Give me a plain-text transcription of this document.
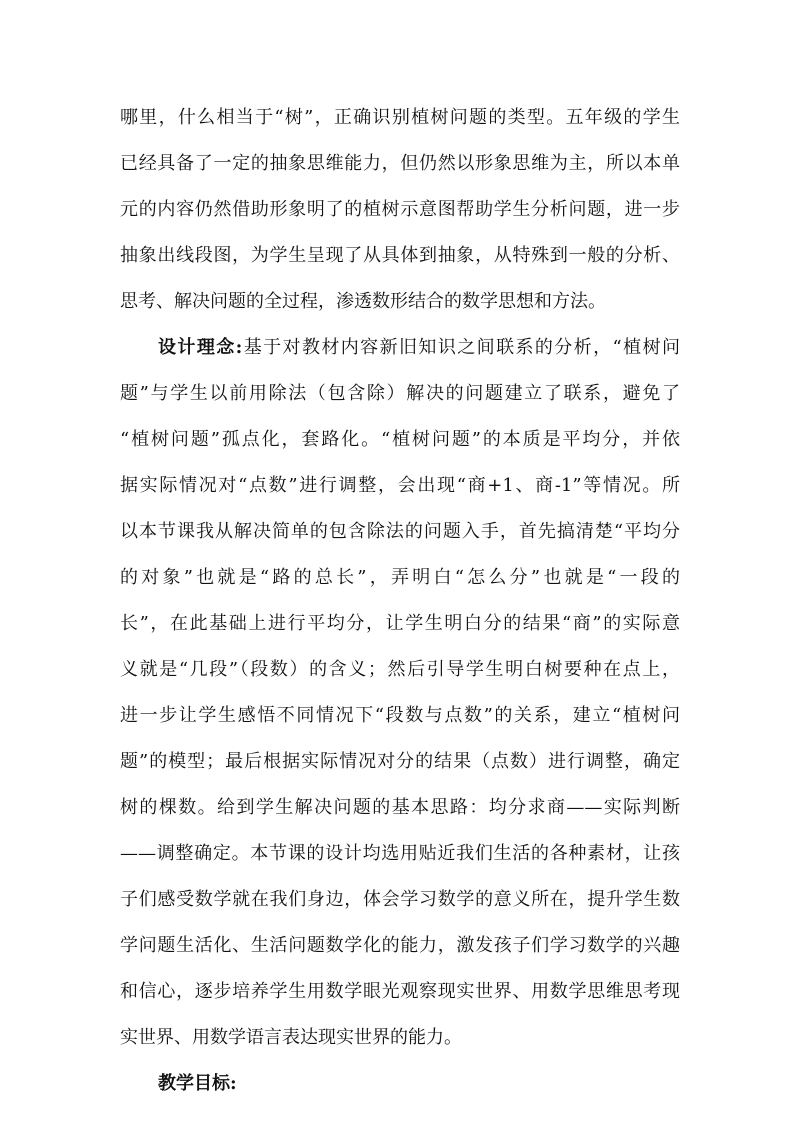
哪里，什么相当于“树”，正确识别植树问题的类型。五年级的学生
已经具备了一定的抽象思维能力，但仍然以形象思维为主，所以本单
元的内容仍然借助形象明了的植树示意图帮助学生分析问题，进一步
抽象出线段图，为学生呈现了从具体到抽象，从特殊到一般的分析、
思考、解决问题的全过程，渗透数形结合的数学思想和方法。
设计理念:基于对教材内容新旧知识之间联系的分析，“植树问
题”与学生以前用除法（包含除）解决的问题建立了联系，避免了
“植树问题”孤点化，套路化。“植树问题”的本质是平均分，并依
据实际情况对“点数”进行调整，会出现“商+1、商-1”等情况。所
以本节课我从解决简单的包含除法的问题入手，首先搞清楚“平均分
的对象”也就是“路的总长”，弄明白“怎么分”也就是“一段的
长”，在此基础上进行平均分，让学生明白分的结果“商”的实际意
义就是“几段”（段数）的含义；然后引导学生明白树要种在点上，
进一步让学生感悟不同情况下“段数与点数”的关系，建立“植树问
题”的模型；最后根据实际情况对分的结果（点数）进行调整，确定
树的棵数。给到学生解决问题的基本思路：均分求商——实际判断
——调整确定。本节课的设计均选用贴近我们生活的各种素材，让孩
子们感受数学就在我们身边，体会学习数学的意义所在，提升学生数
学问题生活化、生活问题数学化的能力，激发孩子们学习数学的兴趣
和信心，逐步培养学生用数学眼光观察现实世界、用数学思维思考现
实世界、用数学语言表达现实世界的能力。
教学目标:
